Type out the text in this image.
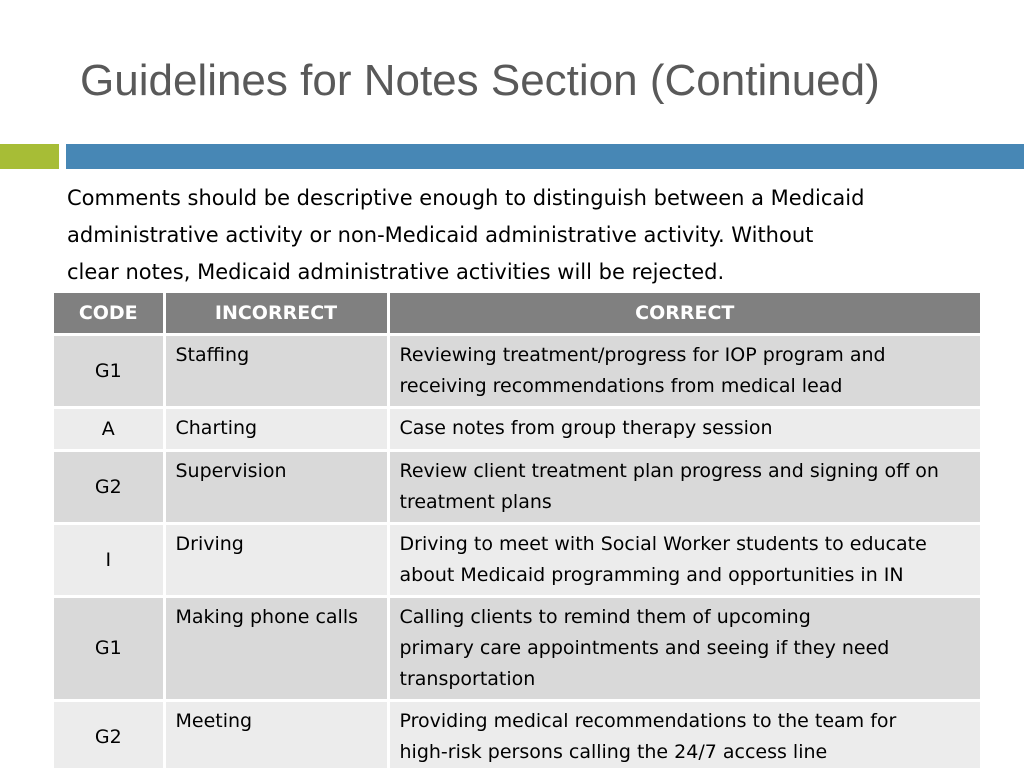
Guidelines for Notes Section (Continued)
Comments should be descriptive enough to distinguish between a Medicaid
administrative activity or non-Medicaid administrative activity. Without
clear notes, Medicaid administrative activities will be rejected.
CODE	INCORRECT	CORRECT
G1	Staffing	Reviewing treatment/progress for IOP program and
receiving recommendations from medical lead

A	Charting	Case notes from group therapy session

G2	Supervision	Review client treatment plan progress and signing off on
treatment plans

I	Driving	Driving to meet with Social Worker students to educate
about Medicaid programming and opportunities in IN

G1	Making phone calls	Calling clients to remind them of upcoming
primary care appointments and seeing if they need
transportation

G2	Meeting	Providing medical recommendations to the team for
high-risk persons calling the 24/7 access line
